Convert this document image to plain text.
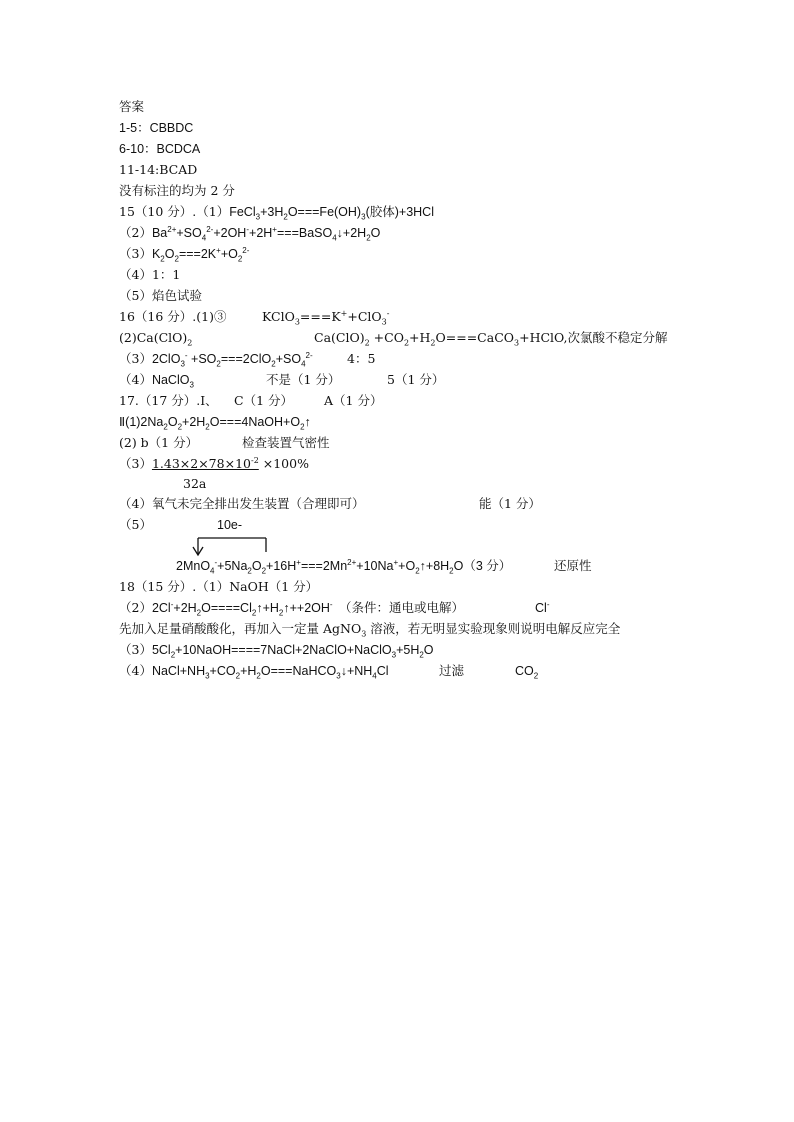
答案
1-5：CBBDC
6-10：BCDCA
11-14:BCAD
没有标注的均为 2 分
15（10 分）$.(1)FeCl_3+3H_2O===Fe(OH)_3$(胶体)+3HCl
$(2)Ba^{2+}+SO_4^{2-}+2OH^-+2H^+===BaSO_4↓+2H_2O$
$(3)K_2O_2===2K^++O_2^{2-}$
（4）1：1
（5）焰色试验
16（16 分）.(1)③	KClO$_3$===K++ClO$_3$-
$(2)Ca(ClO)_2$	$Ca(ClO)_2$ $+CO_2+H_2O===CaCO_3+HClO$,次氯酸不稳定分解
$(3)2ClO_3^- +SO_2===2ClO_2+SO_4^{2-}$	4：5
（4）NaClO$_3$	不是（1 分）	5（1 分）
17.（17 分）.Ⅰ、 C（1 分） A（1 分）
$Ⅱ(1)2Na_2O_2+2H_2O===4NaOH+O_2↑$
(2) b（1 分）	检查装置气密性
$(3)1.43\times 2\times 78\times 10^{-2} \times 100\%$
32a
（4）氧气未完全排出发生装置（合理即可）	能（1 分）
（5）	10e-
$2MnO_4^-+5Na_2O_2+16H^+===2Mn^{2+}+10Na^++O_2↑+8H_2O(3$ 分）	还原性
18（15 分）.（1）NaOH（1 分）
$(2)2Cl^-+2H_2O====Cl_2↑+H_2↑++2OH^-$ （条件：通电或电解）	Cl-
先加入足量硝酸酸化，再加入一定量 AgNO$_3$ 溶液，若无明显实验现象则说明电解反应完全
$(3)5Cl_2+10NaOH====7NaCl+2NaClO+NaClO_3+5H_2O$
$(4)NaCl+NH_3+CO_2+H_2O===NaHCO_3↓+NH_4Cl$	过滤	$CO_2$
